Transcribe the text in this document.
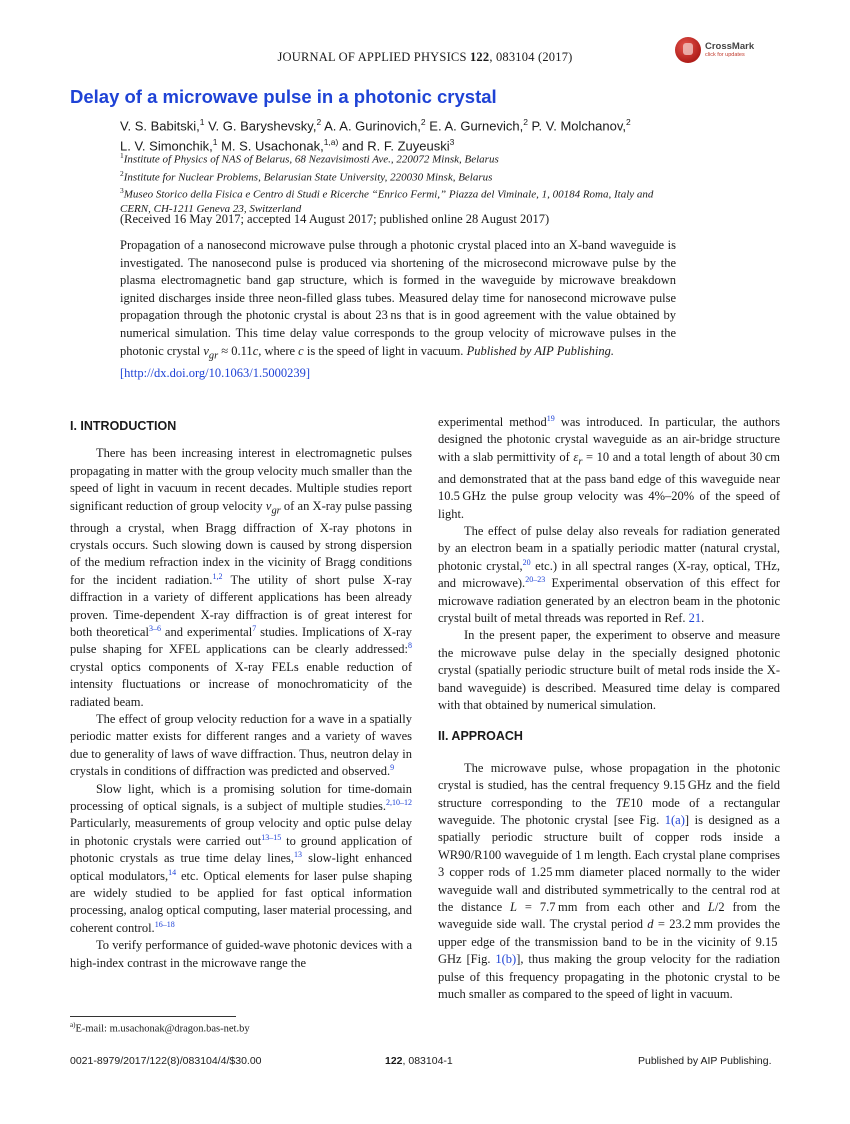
JOURNAL OF APPLIED PHYSICS 122, 083104 (2017)
CrossMark
click for updates
Delay of a microwave pulse in a photonic crystal

V. S. Babitski,$^1$ V. G. Baryshevsky,$^2$ A. A. Gurinovich,$^2$ E. A. Gurnevich,$^2$ P. V. Molchanov,$^2$
L. V. Simonchik,$^1$ M. S. Usachonak,$^{1,a)}$ and R. F. Zuyeuski$^3$

$^1$Institute of Physics of NAS of Belarus, 68 Nezavisimosti Ave., 220072 Minsk, Belarus
$^2$Institute for Nuclear Problems, Belarusian State University, 220030 Minsk, Belarus
$^3$Museo Storico della Fisica e Centro di Studi e Ricerche “Enrico Fermi,” Piazza del Viminale, 1, 00184 Roma, Italy and CERN, CH-1211 Geneva 23, Switzerland

(Received 16 May 2017; accepted 14 August 2017; published online 28 August 2017)

Propagation of a nanosecond microwave pulse through a photonic crystal placed into an X-band waveguide is investigated. The nanosecond pulse is produced via shortening of the microsecond microwave pulse by the plasma electromagnetic band gap structure, which is formed in the waveguide by microwave breakdown ignited discharges inside three neon-filled glass tubes. Measured delay time for nanosecond microwave pulse propagation through the photonic crystal is about 23 ns that is in good agreement with the value obtained by numerical simulation. This time delay value corresponds to the group velocity of microwave pulses in the photonic crystal $v_{gr} \approx 0.11c$, where c is the speed of light in vacuum. Published by AIP Publishing.
[http://dx.doi.org/10.1063/1.5000239]

I. INTRODUCTION

There has been increasing interest in electromagnetic pulses propagating in matter with the group velocity much smaller than the speed of light in vacuum in recent decades. Multiple studies report significant reduction of group velocity $v_{gr}$ of an X-ray pulse passing through a crystal, when Bragg diffraction of X-ray photons in crystals occurs. Such slowing down is caused by strong dispersion of the medium refraction index in the vicinity of Bragg conditions for the incident radiation.$^{1,2}$ The utility of short pulse X-ray diffraction in a variety of different applications has been already proven. Time-dependent X-ray diffraction is of great interest for both theoretical$^{3-6}$ and experimental$^7$ studies. Implications of X-ray pulse shaping for XFEL applications can be clearly addressed:$^8$ crystal optics components of X-ray FELs enable reduction of intensity fluctuations or increase of monochromaticity of the radiated beam.

The effect of group velocity reduction for a wave in a spatially periodic matter exists for different ranges and a variety of waves due to generality of laws of wave diffraction. Thus, neutron delay in crystals in conditions of diffraction was predicted and observed.$^9$

Slow light, which is a promising solution for time-domain processing of optical signals, is a subject of multiple studies.$^{2,10-12}$ Particularly, measurements of group velocity and optic pulse delay in photonic crystals were carried out$^{13-15}$ to ground application of photonic crystals as true time delay lines,$^{13}$ slow-light enhanced optical modulators,$^{14}$ etc. Optical elements for laser pulse shaping are widely studied to be applied for fast optical information processing, analog optical computing, laser material processing, and coherent control.$^{16-18}$

To verify performance of guided-wave photonic devices with a high-index contrast in the microwave range the

experimental method$^{19}$ was introduced. In particular, the authors designed the photonic crystal waveguide as an air-bridge structure with a slab permittivity of $\varepsilon_r = 10$ and a total length of about 30 cm and demonstrated that at the pass band edge of this waveguide near 10.5 GHz the pulse group velocity was 4%–20% of the speed of light.

The effect of pulse delay also reveals for radiation generated by an electron beam in a spatially periodic matter (natural crystal, photonic crystal,$^{20}$ etc.) in all spectral ranges (X-ray, optical, THz, and microwave).$^{20-23}$ Experimental observation of this effect for microwave radiation generated by an electron beam in the photonic crystal built of metal threads was reported in Ref. 21.

In the present paper, the experiment to observe and measure the microwave pulse delay in the specially designed photonic crystal (spatially periodic structure built of metal rods inside the X-band waveguide) is described. Measured time delay is compared with that obtained by numerical simulation.

II. APPROACH

The microwave pulse, whose propagation in the photonic crystal is studied, has the central frequency 9.15 GHz and the field structure corresponding to the TE10 mode of a rectangular waveguide. The photonic crystal [see Fig. 1(a)] is designed as a spatially periodic structure built of copper rods inside a WR90/R100 waveguide of 1 m length. Each crystal plane comprises 3 copper rods of 1.25 mm diameter placed normally to the wider waveguide wall and distributed symmetrically to the central rod at the distance L = 7.7 mm from each other and L/2 from the waveguide side wall. The crystal period d = 23.2 mm provides the upper edge of the transmission band to be in the vicinity of 9.15 GHz [Fig. 1(b)], thus making the group velocity for the radiation pulse of this frequency propagating in the photonic crystal to be much smaller as compared to the speed of light in vacuum.

$^{a)}$E-mail: m.usachonak@dragon.bas-net.by
0021-8979/2017/122(8)/083104/4/$30.00	122, 083104-1	Published by AIP Publishing.
